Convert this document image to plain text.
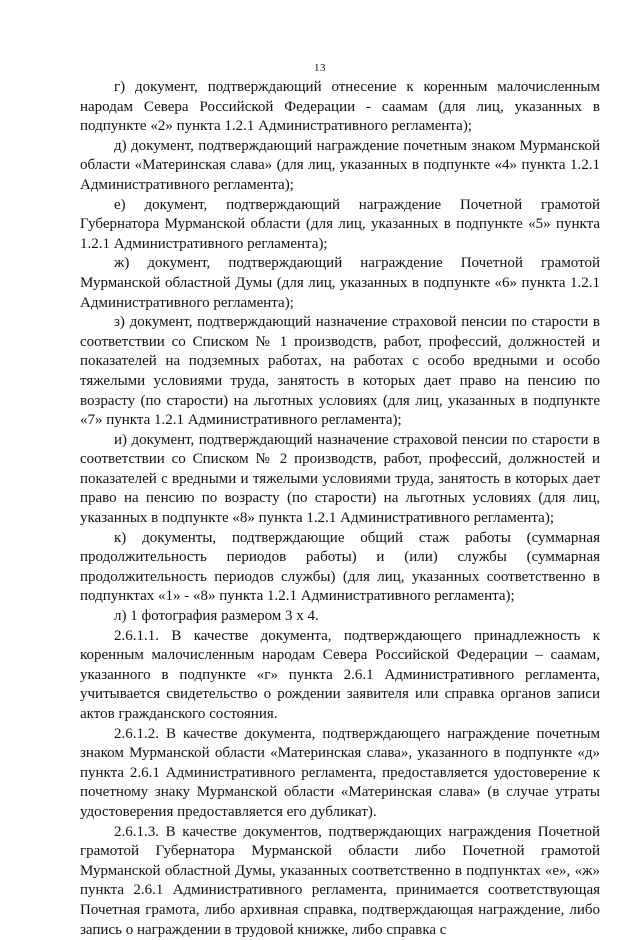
13

г) документ, подтверждающий отнесение к коренным малочисленным народам Севера Российской Федерации - саамам (для лиц, указанных в подпункте «2» пункта 1.2.1 Административного регламента);

д) документ, подтверждающий награждение почетным знаком Мурманской области «Материнская слава» (для лиц, указанных в подпункте «4» пункта 1.2.1 Административного регламента);

е) документ, подтверждающий награждение Почетной грамотой Губернатора Мурманской области (для лиц, указанных в подпункте «5» пункта 1.2.1 Административного регламента);

ж) документ, подтверждающий награждение Почетной грамотой Мурманской областной Думы (для лиц, указанных в подпункте «6» пункта 1.2.1 Административного регламента);

з) документ, подтверждающий назначение страховой пенсии по старости в соответствии со Списком № 1 производств, работ, профессий, должностей и показателей на подземных работах, на работах с особо вредными и особо тяжелыми условиями труда, занятость в которых дает право на пенсию по возрасту (по старости) на льготных условиях (для лиц, указанных в подпункте «7» пункта 1.2.1 Административного регламента);

и) документ, подтверждающий назначение страховой пенсии по старости в соответствии со Списком № 2 производств, работ, профессий, должностей и показателей с вредными и тяжелыми условиями труда, занятость в которых дает право на пенсию по возрасту (по старости) на льготных условиях (для лиц, указанных в подпункте «8» пункта 1.2.1 Административного регламента);

к) документы, подтверждающие общий стаж работы (суммарная продолжительность периодов работы) и (или) службы (суммарная продолжительность периодов службы) (для лиц, указанных соответственно в подпунктах «1» - «8» пункта 1.2.1 Административного регламента);

л) 1 фотография размером 3 х 4.

2.6.1.1. В качестве документа, подтверждающего принадлежность к коренным малочисленным народам Севера Российской Федерации – саамам, указанного в подпункте «г» пункта 2.6.1 Административного регламента, учитывается свидетельство о рождении заявителя или справка органов записи актов гражданского состояния.

2.6.1.2. В качестве документа, подтверждающего награждение почетным знаком Мурманской области «Материнская слава», указанного в подпункте «д» пункта 2.6.1 Административного регламента, предоставляется удостоверение к почетному знаку Мурманской области «Материнская слава» (в случае утраты удостоверения предоставляется его дубликат).

2.6.1.3. В качестве документов, подтверждающих награждения Почетной грамотой Губернатора Мурманской области либо Почетной грамотой Мурманской областной Думы, указанных соответственно в подпунктах «е», «ж» пункта 2.6.1 Административного регламента, принимается соответствующая Почетная грамота, либо архивная справка, подтверждающая награждение, либо запись о награждении в трудовой книжке, либо справка с
